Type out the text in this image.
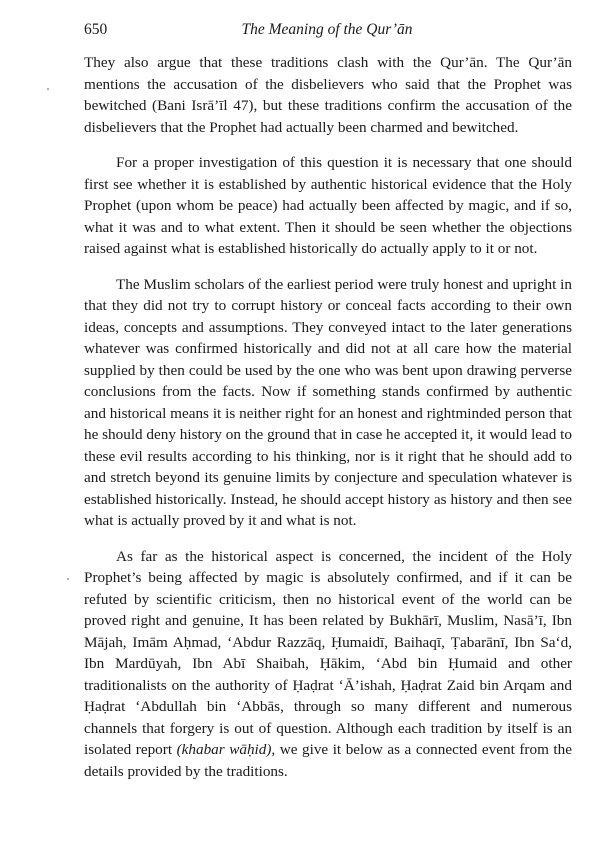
650	The Meaning of the Qur’ān

They also argue that these traditions clash with the Qur’ān. The Qur’ān mentions the accusation of the disbelievers who said that the Prophet was bewitched (Bani Isrā’īl 47), but these traditions confirm the accusation of the disbelievers that the Prophet had actually been charmed and bewitched.

For a proper investigation of this question it is necessary that one should first see whether it is established by authentic historical evidence that the Holy Prophet (upon whom be peace) had actually been affected by magic, and if so, what it was and to what extent. Then it should be seen whether the objections raised against what is established historically do actually apply to it or not.

The Muslim scholars of the earliest period were truly honest and upright in that they did not try to corrupt history or conceal facts according to their own ideas, concepts and assumptions. They conveyed intact to the later generations whatever was confirmed historically and did not at all care how the material supplied by then could be used by the one who was bent upon drawing perverse conclusions from the facts. Now if something stands confirmed by authentic and historical means it is neither right for an honest and rightminded person that he should deny history on the ground that in case he accepted it, it would lead to these evil results according to his thinking, nor is it right that he should add to and stretch beyond its genuine limits by conjecture and speculation whatever is established historically. Instead, he should accept history as history and then see what is actually proved by it and what is not.

As far as the historical aspect is concerned, the incident of the Holy Prophet’s being affected by magic is absolutely confirmed, and if it can be refuted by scientific criticism, then no historical event of the world can be proved right and genuine, It has been related by Bukhārī, Muslim, Nasā’ī, Ibn Mājah, Imām Aḥmad, ‘Abdur Razzāq, Ḥumaidī, Baihaqī, Ṭabarānī, Ibn Sa‘d, Ibn Mardūyah, Ibn Abī Shaibah, Ḥākim, ‘Abd bin Ḥumaid and other traditionalists on the authority of Ḥaḍrat ‘Ā’ishah, Ḥaḍrat Zaid bin Arqam and Ḥaḍrat ‘Abdullah bin ‘Abbās, through so many different and numerous channels that forgery is out of question. Although each tradition by itself is an isolated report (khabar wāḥid), we give it below as a connected event from the details provided by the traditions.
